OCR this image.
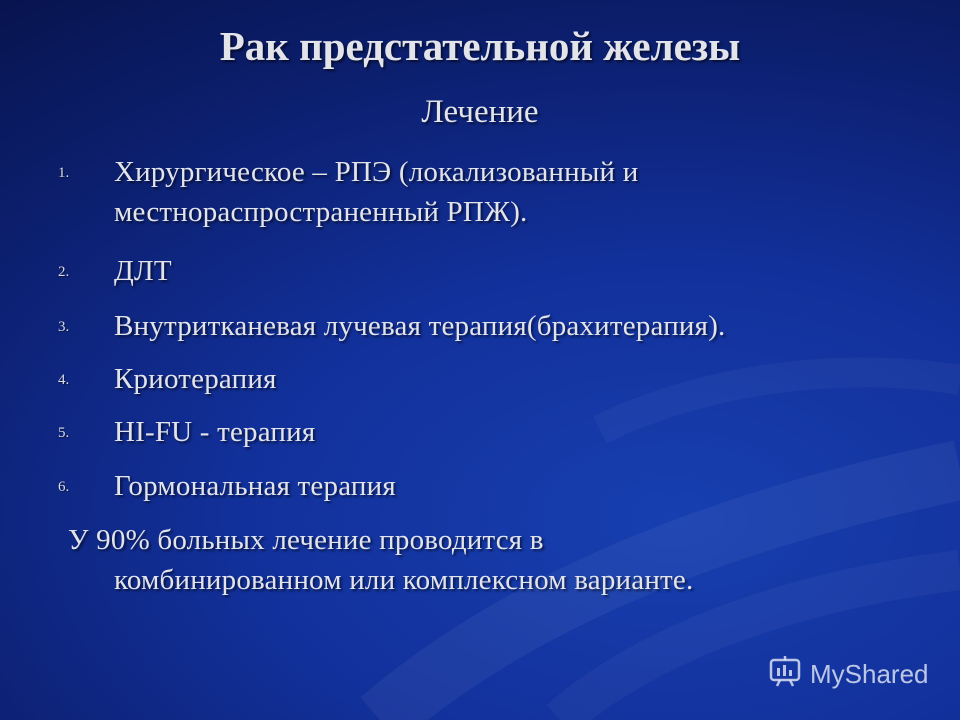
Рак предстательной железы
Лечение
1. Хирургическое – РПЭ (локализованный и местнораспространенный РПЖ).
2. ДЛТ
3. Внутритканевая лучевая терапия(брахитерапия).
4. Криотерапия
5. HI-FU - терапия
6. Гормональная терапия
У 90% больных лечение проводится в
комбинированном или комплексном варианте.
MyShared
